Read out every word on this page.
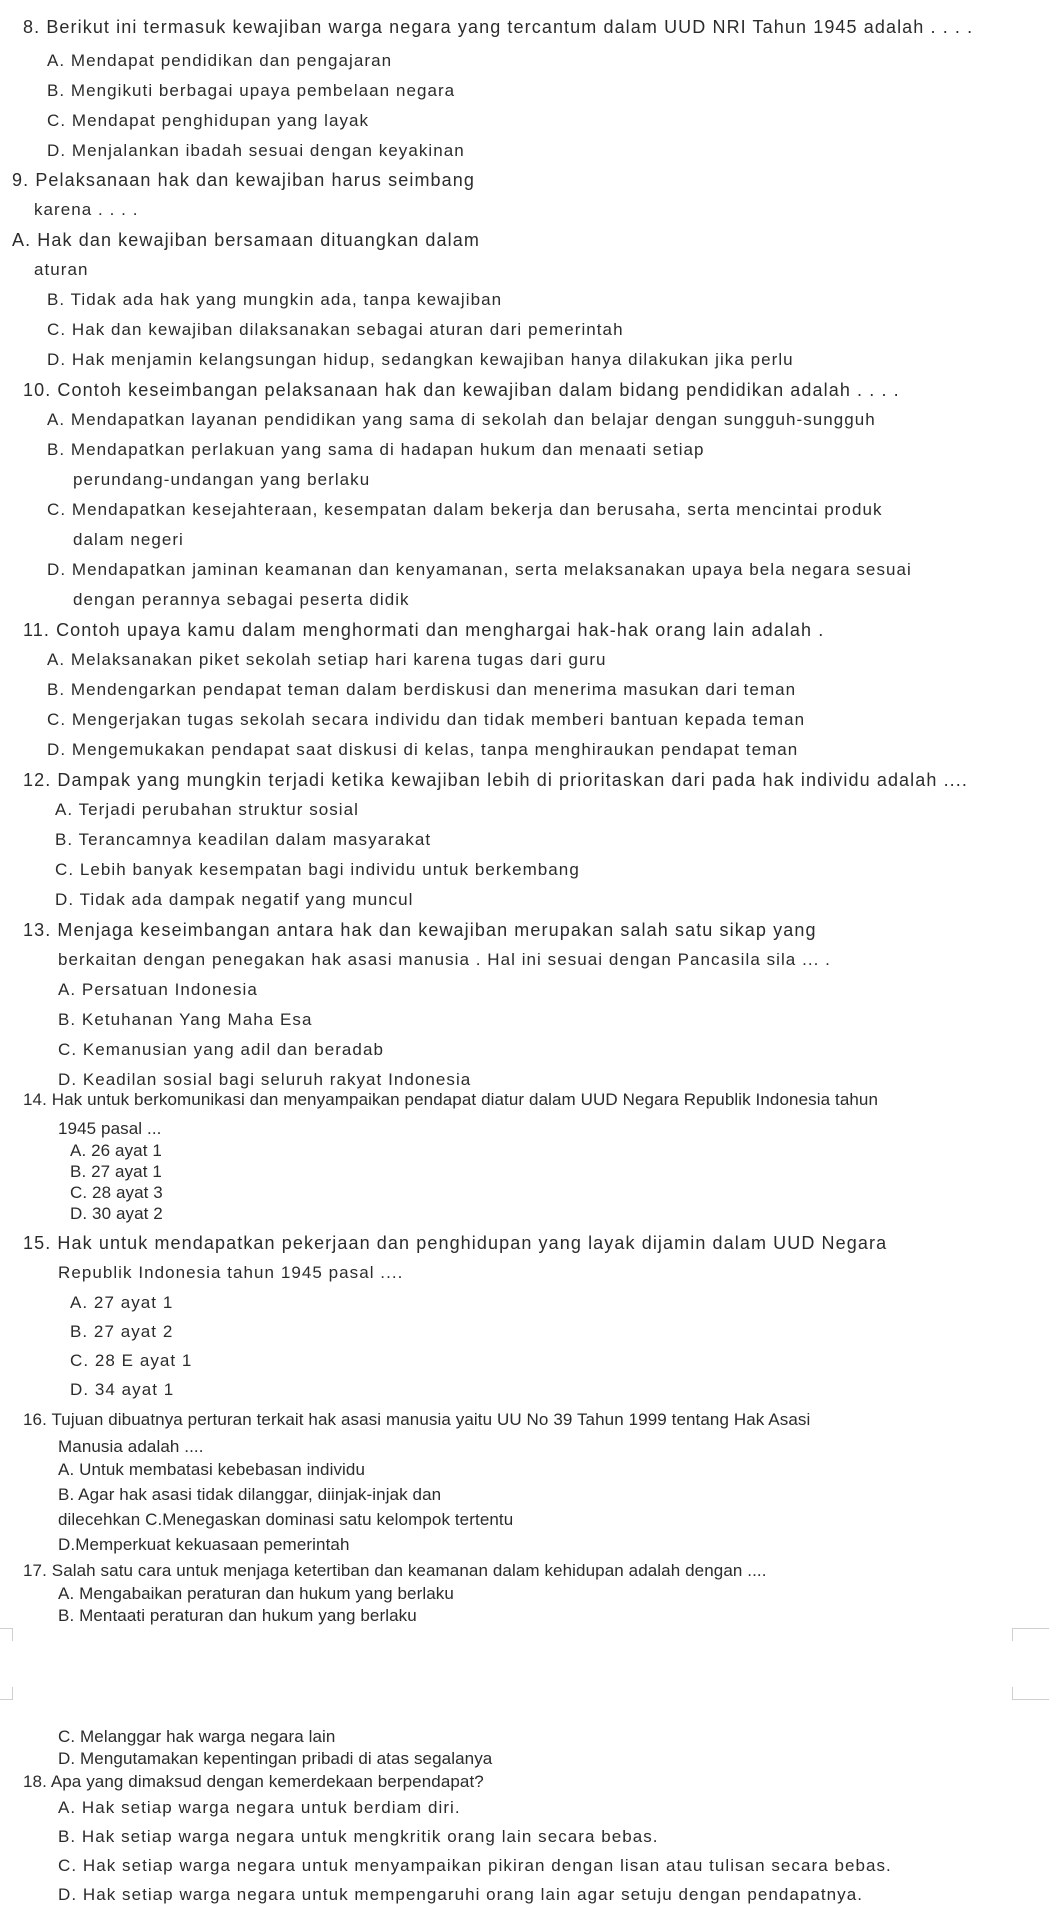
8. Berikut ini termasuk kewajiban warga negara yang tercantum dalam UUD NRI Tahun 1945 adalah . . . .
A. Mendapat pendidikan dan pengajaran
B. Mengikuti berbagai upaya pembelaan negara
C. Mendapat penghidupan yang layak
D. Menjalankan ibadah sesuai dengan keyakinan
9. Pelaksanaan hak dan kewajiban harus seimbang
karena . . . .
A. Hak dan kewajiban bersamaan dituangkan dalam
aturan
B. Tidak ada hak yang mungkin ada, tanpa kewajiban
C. Hak dan kewajiban dilaksanakan sebagai aturan dari pemerintah
D. Hak menjamin kelangsungan hidup, sedangkan kewajiban hanya dilakukan jika perlu
10. Contoh keseimbangan pelaksanaan hak dan kewajiban dalam bidang pendidikan adalah . . . .
A. Mendapatkan layanan pendidikan yang sama di sekolah dan belajar dengan sungguh-sungguh
B. Mendapatkan perlakuan yang sama di hadapan hukum dan menaati setiap
perundang-undangan yang berlaku
C. Mendapatkan kesejahteraan, kesempatan dalam bekerja dan berusaha, serta mencintai produk
dalam negeri
D. Mendapatkan jaminan keamanan dan kenyamanan, serta melaksanakan upaya bela negara sesuai
dengan perannya sebagai peserta didik
11. Contoh upaya kamu dalam menghormati dan menghargai hak-hak orang lain adalah .
A. Melaksanakan piket sekolah setiap hari karena tugas dari guru
B. Mendengarkan pendapat teman dalam berdiskusi dan menerima masukan dari teman
C. Mengerjakan tugas sekolah secara individu dan tidak memberi bantuan kepada teman
D. Mengemukakan pendapat saat diskusi di kelas, tanpa menghiraukan pendapat teman
12. Dampak yang mungkin terjadi ketika kewajiban lebih di prioritaskan dari pada hak individu adalah ....
A. Terjadi perubahan struktur sosial
B. Terancamnya keadilan dalam masyarakat
C. Lebih banyak kesempatan bagi individu untuk berkembang
D. Tidak ada dampak negatif yang muncul
13. Menjaga keseimbangan antara hak dan kewajiban merupakan salah satu sikap yang
berkaitan dengan penegakan hak asasi manusia . Hal ini sesuai dengan Pancasila sila ... .
A. Persatuan Indonesia
B. Ketuhanan Yang Maha Esa
C. Kemanusian yang adil dan beradab
D. Keadilan sosial bagi seluruh rakyat Indonesia
14. Hak untuk berkomunikasi dan menyampaikan pendapat diatur dalam UUD Negara Republik Indonesia tahun
1945 pasal ...
A. 26 ayat 1
B. 27 ayat 1
C. 28 ayat 3
D. 30 ayat 2
15. Hak untuk mendapatkan pekerjaan dan penghidupan yang layak dijamin dalam UUD Negara
Republik Indonesia tahun 1945 pasal ....
A. 27 ayat 1
B. 27 ayat 2
C. 28 E ayat 1
D. 34 ayat 1
16. Tujuan dibuatnya perturan terkait hak asasi manusia yaitu UU No 39 Tahun 1999 tentang Hak Asasi
Manusia adalah ....
A. Untuk membatasi kebebasan individu
B. Agar hak asasi tidak dilanggar, diinjak-injak dan
dilecehkan C.Menegaskan dominasi satu kelompok tertentu
D.Memperkuat kekuasaan pemerintah
17. Salah satu cara untuk menjaga ketertiban dan keamanan dalam kehidupan adalah dengan ....
A. Mengabaikan peraturan dan hukum yang berlaku
B. Mentaati peraturan dan hukum yang berlaku
C. Melanggar hak warga negara lain
D. Mengutamakan kepentingan pribadi di atas segalanya
18. Apa yang dimaksud dengan kemerdekaan berpendapat?
A. Hak setiap warga negara untuk berdiam diri.
B. Hak setiap warga negara untuk mengkritik orang lain secara bebas.
C. Hak setiap warga negara untuk menyampaikan pikiran dengan lisan atau tulisan secara bebas.
D. Hak setiap warga negara untuk mempengaruhi orang lain agar setuju dengan pendapatnya.
